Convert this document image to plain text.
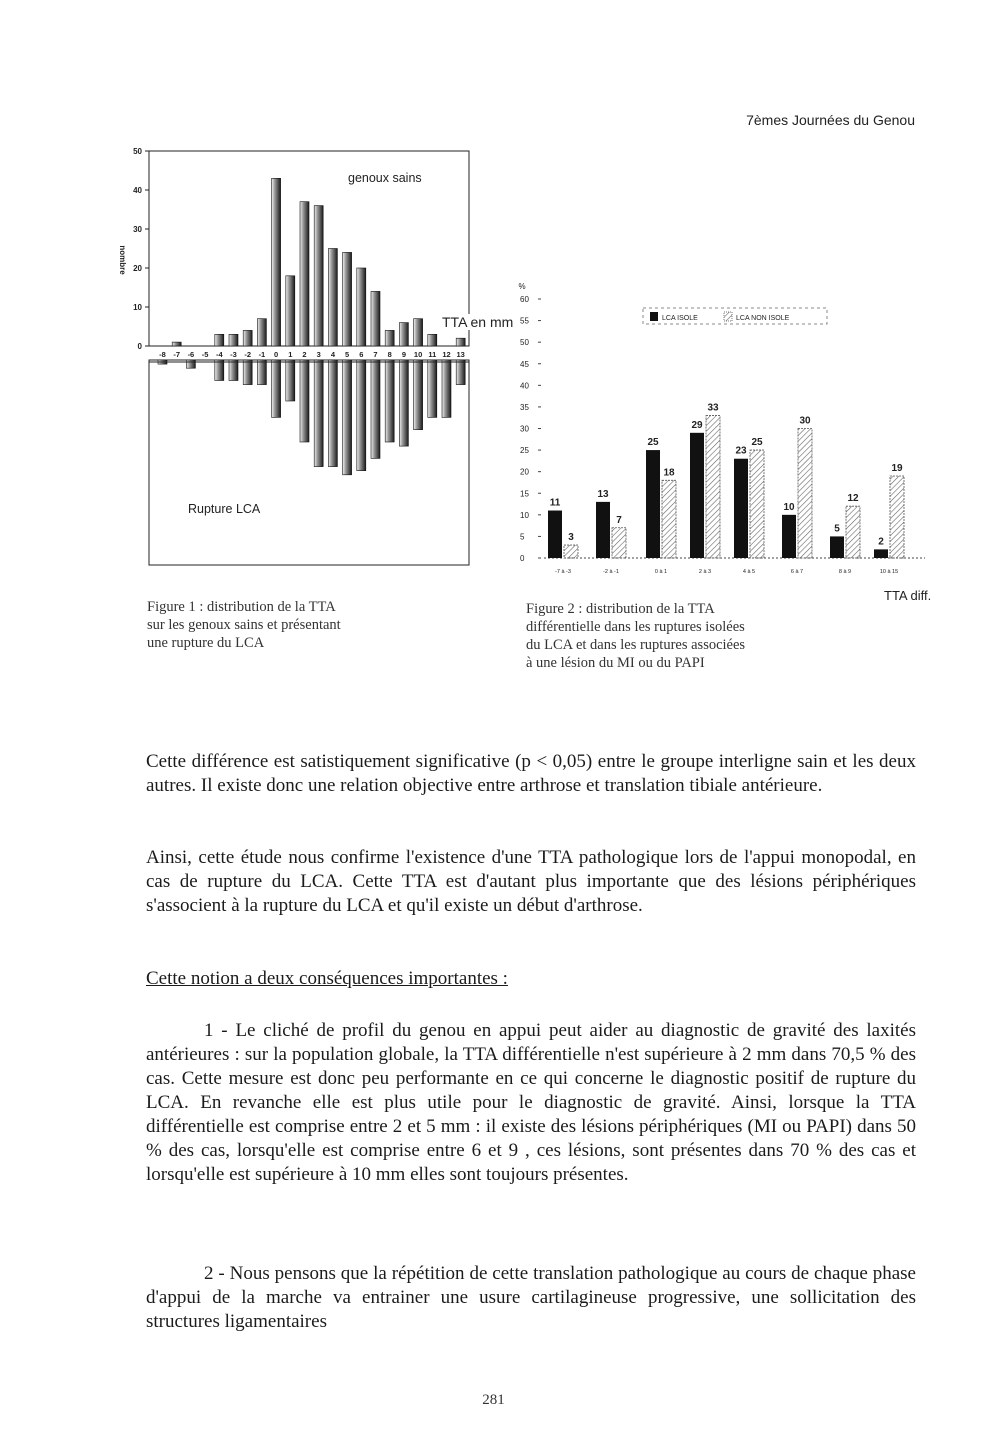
7èmes Journées du Genou
0
10
20
30
40
50
nombre
-8 -7 -6 -5 -4 -3 -2 -1 0 1 2 3 4 5 6 7 8 9 10 11 12 13
genoux sains
Rupture LCA
TTA en mm
%
0
5
10
15
20
25
30
35
40
45
50
55
60
11
3
-7 à -3
13
7
-2 à -1
25
18
0 à 1
29
33
2 à 3
23
25
4 à 5
10
30
6 à 7
5
12
8 à 9
2
19
10 à 15
LCA ISOLE	LCA NON ISOLE
TTA diff.
Figure 1 : distribution de la TTA
sur les genoux sains et présentant
une rupture du LCA
Figure 2 : distribution de la TTA
différentielle dans les ruptures isolées
du LCA et dans les ruptures associées
à une lésion du MI ou du PAPI

Cette différence est satistiquement significative (p < 0,05) entre le groupe interligne sain et les deux autres. Il existe donc une relation objective entre arthrose et translation tibiale antérieure.

Ainsi, cette étude nous confirme l'existence d'une TTA pathologique lors de l'appui monopodal, en cas de rupture du LCA. Cette TTA est d'autant plus importante que des lésions périphériques s'associent à la rupture du LCA et qu'il existe un début d'arthrose.

Cette notion a deux conséquences importantes :

1 - Le cliché de profil du genou en appui peut aider au diagnostic de gravité des laxités antérieures : sur la population globale, la TTA différentielle n'est supérieure à 2 mm dans 70,5 % des cas. Cette mesure est donc peu performante en ce qui concerne le diagnostic positif de rupture du LCA. En revanche elle est plus utile pour le diagnostic de gravité. Ainsi, lorsque la TTA différentielle est comprise entre 2 et 5 mm : il existe des lésions périphériques (MI ou PAPI) dans 50 % des cas, lorsqu'elle est comprise entre 6 et 9 , ces lésions, sont présentes dans 70 % des cas et lorsqu'elle est supérieure à 10 mm elles sont toujours présentes.

2 - Nous pensons que la répétition de cette translation pathologique au cours de chaque phase d'appui de la marche va entrainer une usure cartilagineuse progressive, une sollicitation des structures ligamentaires

281
